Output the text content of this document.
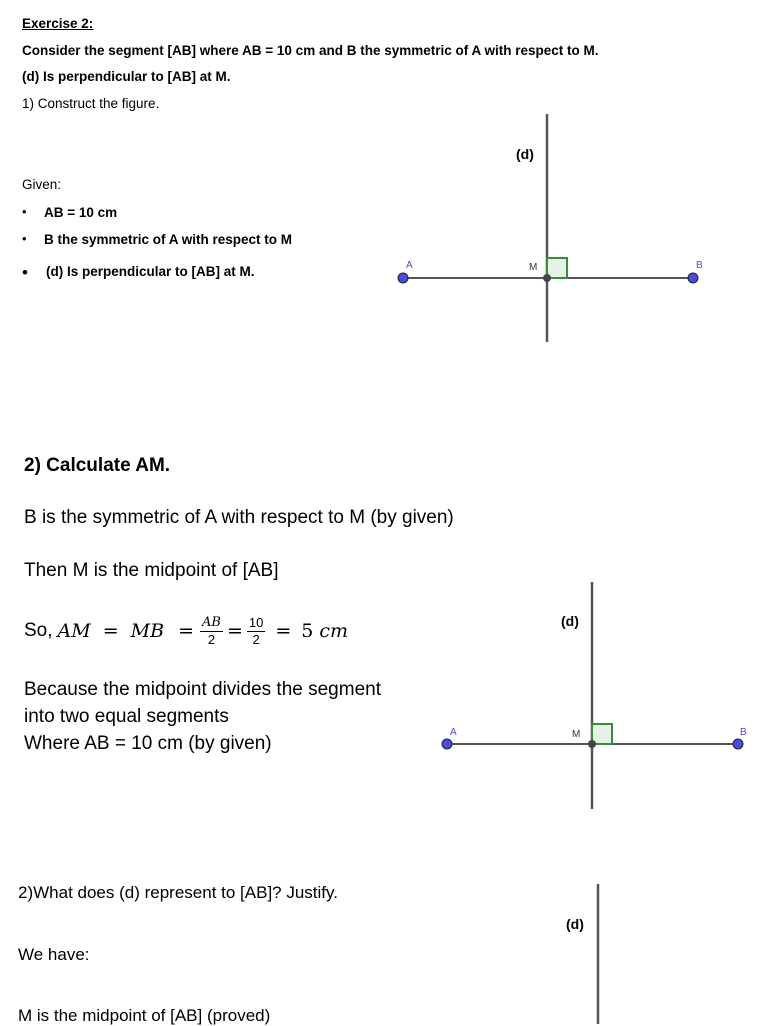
Exercise 2:
Consider the segment [AB] where AB = 10 cm and B the symmetric of A with respect to M.
(d) Is perpendicular to [AB] at M.
1) Construct the figure.
Given:
• AB = 10 cm
• B the symmetric of A with respect to M
• (d) Is perpendicular to [AB] at M.
(d)
A	B
M
(d)
A	B
M
(d)
2) Calculate AM.
B is the symmetric of A with respect to M (by given)
Then M is the midpoint of [AB]
So, AM = MB = $\frac{AB}{2} = \frac{10}{2} = 5$ cm
Because the midpoint divides the segment
into two equal segments
Where AB = 10 cm (by given)
2)What does (d) represent to [AB]? Justify.
We have:
M is the midpoint of [AB] (proved)
